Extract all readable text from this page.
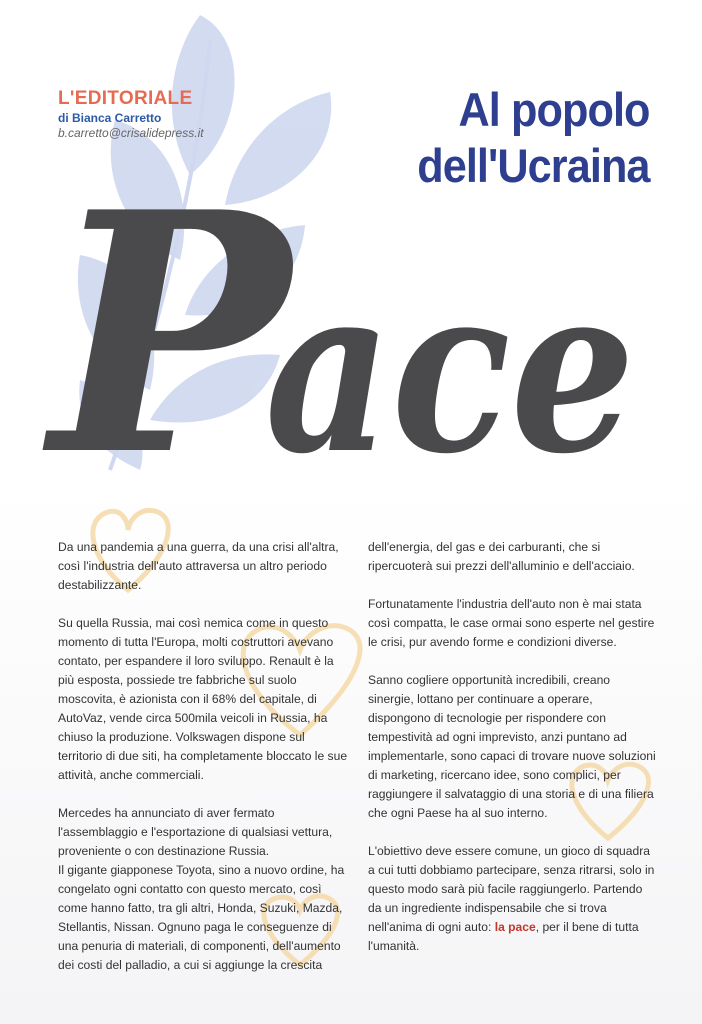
L'EDITORIALE
di Bianca Carretto
b.carretto@crisalidepress.it	Al popolo
dell'Ucraina
P
ace
Pace

Da una pandemia a una guerra, da una crisi all'altra, così l'industria dell'auto attraversa un altro periodo destabilizzante.

Su quella Russia, mai così nemica come in questo momento di tutta l'Europa, molti costruttori avevano contato, per espandere il loro sviluppo. Renault è la più esposta, possiede tre fabbriche sul suolo moscovita, è azionista con il 68% del capitale, di AutoVaz, vende circa 500mila veicoli in Russia, ha chiuso la produzione. Volkswagen dispone sul territorio di due siti, ha completamente bloccato le sue attività, anche commerciali.

Mercedes ha annunciato di aver fermato l'assemblaggio e l'esportazione di qualsiasi vettura, proveniente o con destinazione Russia.

Il gigante giapponese Toyota, sino a nuovo ordine, ha congelato ogni contatto con questo mercato, così come hanno fatto, tra gli altri, Honda, Suzuki, Mazda, Stellantis, Nissan. Ognuno paga le conseguenze di una penuria di materiali, di componenti, dell'aumento dei costi del palladio, a cui si aggiunge la crescita

dell'energia, del gas e dei carburanti, che si ripercuoterà sui prezzi dell'alluminio e dell'acciaio.

Fortunatamente l'industria dell'auto non è mai stata così compatta, le case ormai sono esperte nel gestire le crisi, pur avendo forme e condizioni diverse.

Sanno cogliere opportunità incredibili, creano sinergie, lottano per continuare a operare, dispongono di tecnologie per rispondere con tempestività ad ogni imprevisto, anzi puntano ad implementarle, sono capaci di trovare nuove soluzioni di marketing, ricercano idee, sono complici, per raggiungere il salvataggio di una storia e di una filiera che ogni Paese ha al suo interno.

L'obiettivo deve essere comune, un gioco di squadra a cui tutti dobbiamo partecipare, senza ritrarsi, solo in questo modo sarà più facile raggiungerlo. Partendo da un ingrediente indispensabile che si trova nell'anima di ogni auto: la pace, per il bene di tutta l'umanità.
